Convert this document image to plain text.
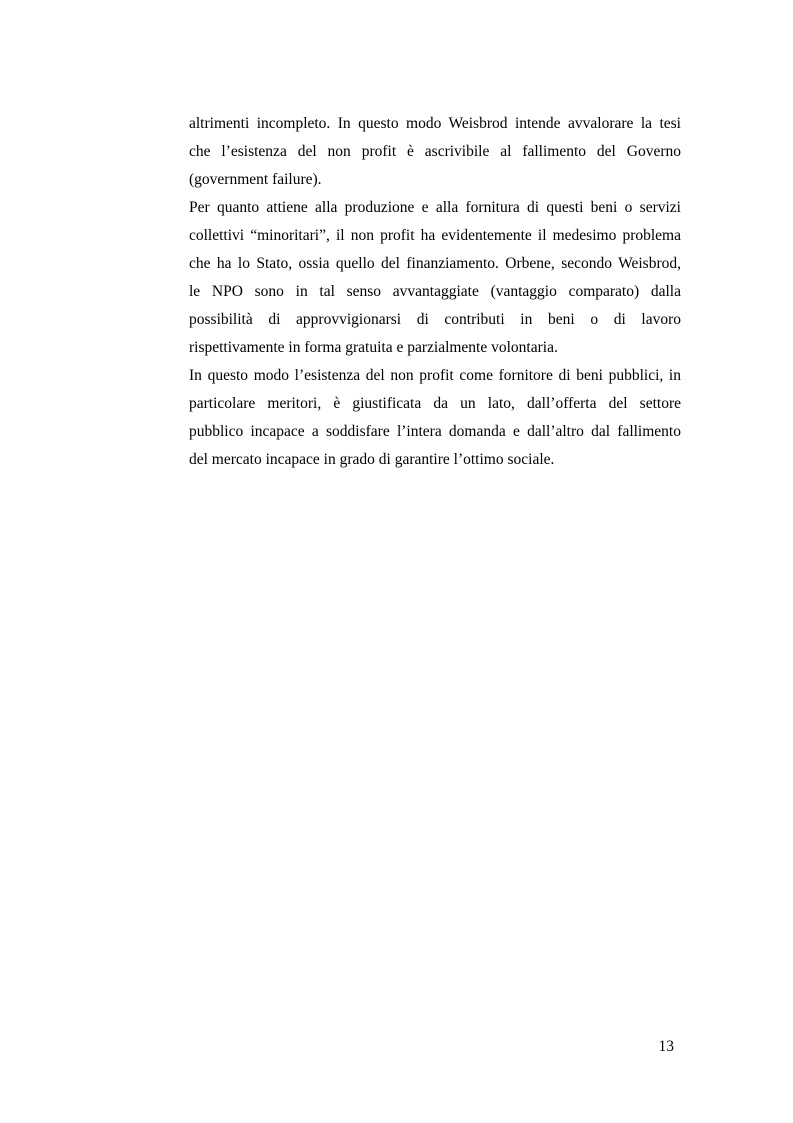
altrimenti incompleto. In questo modo Weisbrod intende avvalorare la tesi
che l’esistenza del non profit è ascrivibile al fallimento del Governo
(government failure).
Per quanto attiene alla produzione e alla fornitura di questi beni o servizi
collettivi “minoritari”, il non profit ha evidentemente il medesimo problema
che ha lo Stato, ossia quello del finanziamento. Orbene, secondo Weisbrod,
le NPO sono in tal senso avvantaggiate (vantaggio comparato) dalla
possibilità di approvvigionarsi di contributi in beni o di lavoro
rispettivamente in forma gratuita e parzialmente volontaria.
In questo modo l’esistenza del non profit come fornitore di beni pubblici, in
particolare meritori, è giustificata da un lato, dall’offerta del settore
pubblico incapace a soddisfare l’intera domanda e dall’altro dal fallimento
del mercato incapace in grado di garantire l’ottimo sociale.
13
